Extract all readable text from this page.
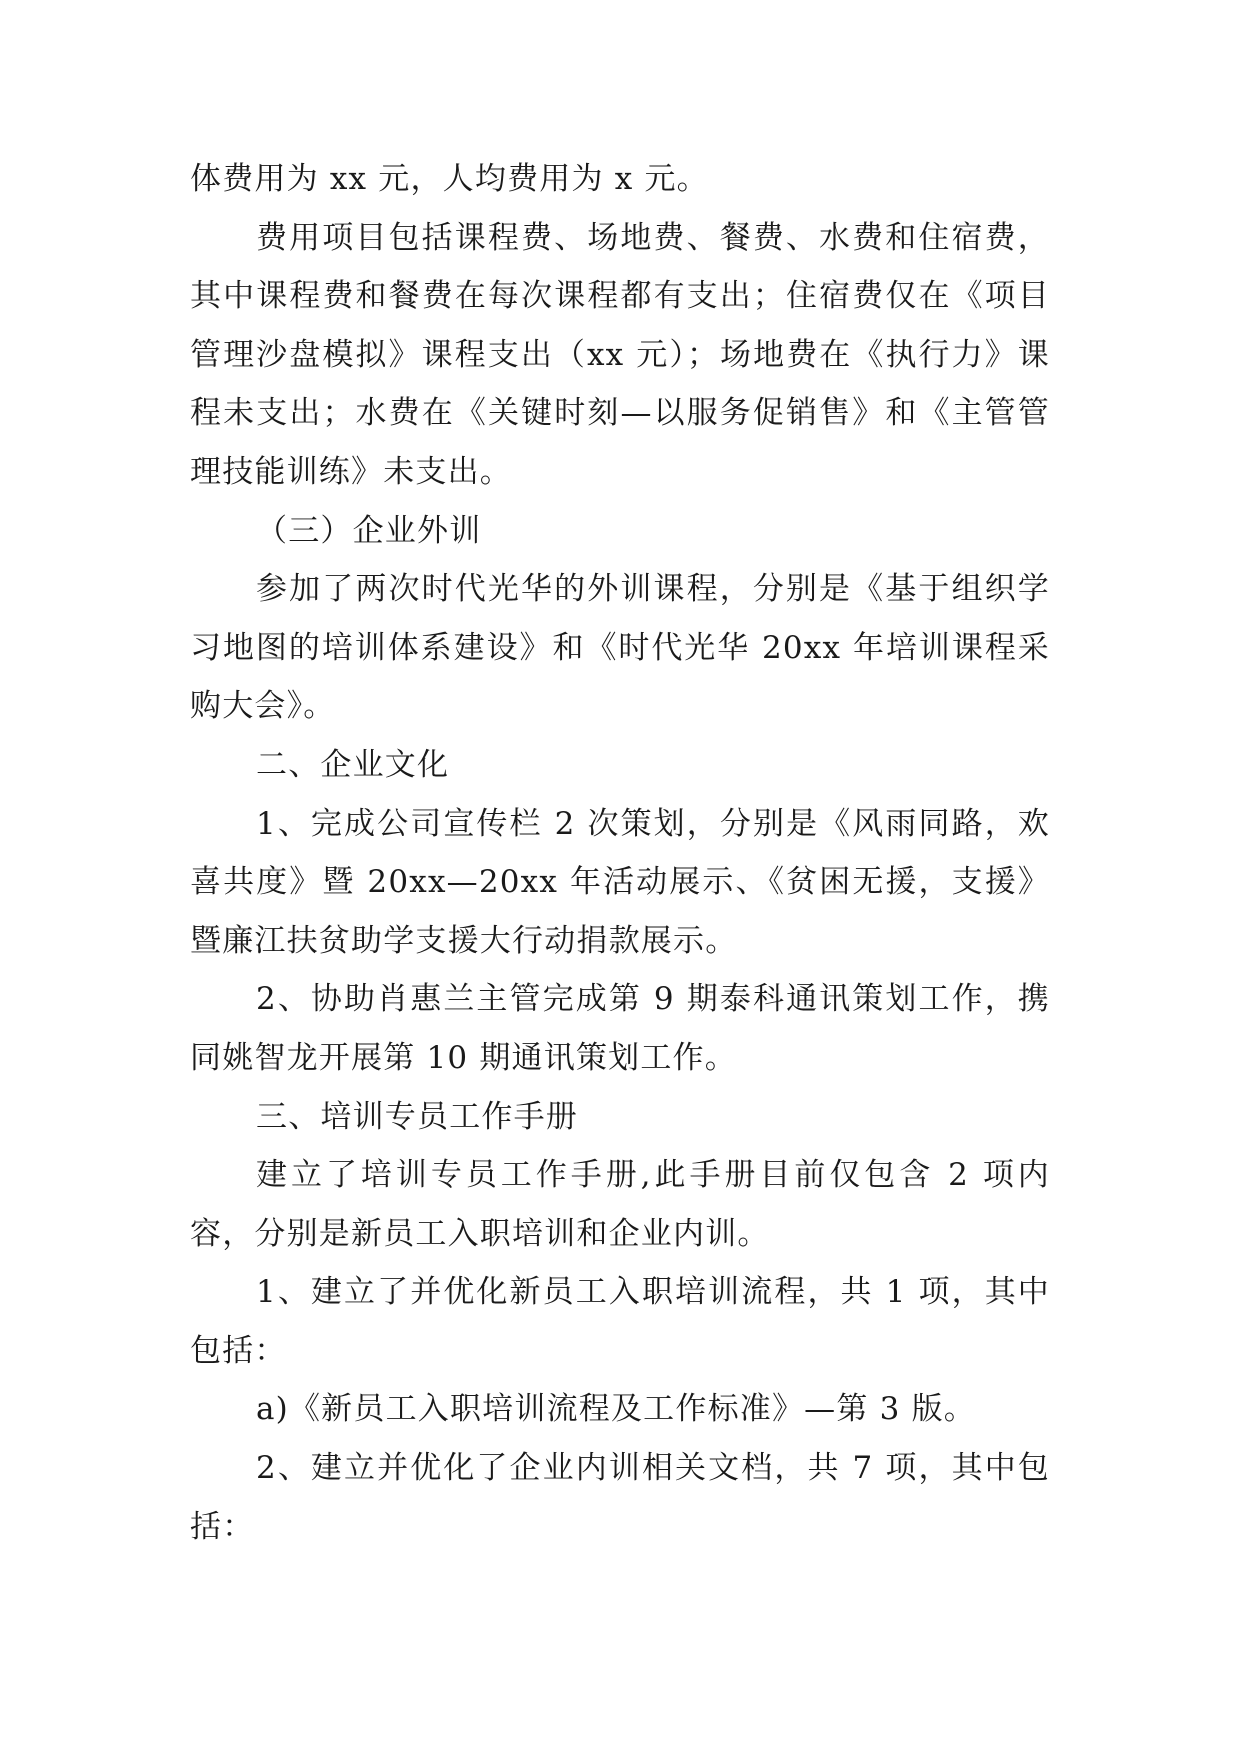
体费用为 xx 元，人均费用为 x 元。

费用项目包括课程费、场地费、餐费、水费和住宿费，其中课程费和餐费在每次课程都有支出；住宿费仅在《项目管理沙盘模拟》课程支出（xx 元）；场地费在《执行力》课程未支出；水费在《关键时刻—以服务促销售》和《主管管理技能训练》未支出。

（三）企业外训

参加了两次时代光华的外训课程，分别是《基于组织学习地图的培训体系建设》和《时代光华 20xx 年培训课程采购大会》。

二、企业文化

1、完成公司宣传栏 2 次策划，分别是《风雨同路，欢喜共度》暨 20xx—20xx 年活动展示、《贫困无援，支援》暨廉江扶贫助学支援大行动捐款展示。

2、协助肖惠兰主管完成第 9 期泰科通讯策划工作，携同姚智龙开展第 10 期通讯策划工作。

三、培训专员工作手册

建立了培训专员工作手册,此手册目前仅包含 2 项内容，分别是新员工入职培训和企业内训。

1、建立了并优化新员工入职培训流程，共 1 项，其中包括：

a)《新员工入职培训流程及工作标准》—第 3 版。

2、建立并优化了企业内训相关文档，共 7 项，其中包括：
